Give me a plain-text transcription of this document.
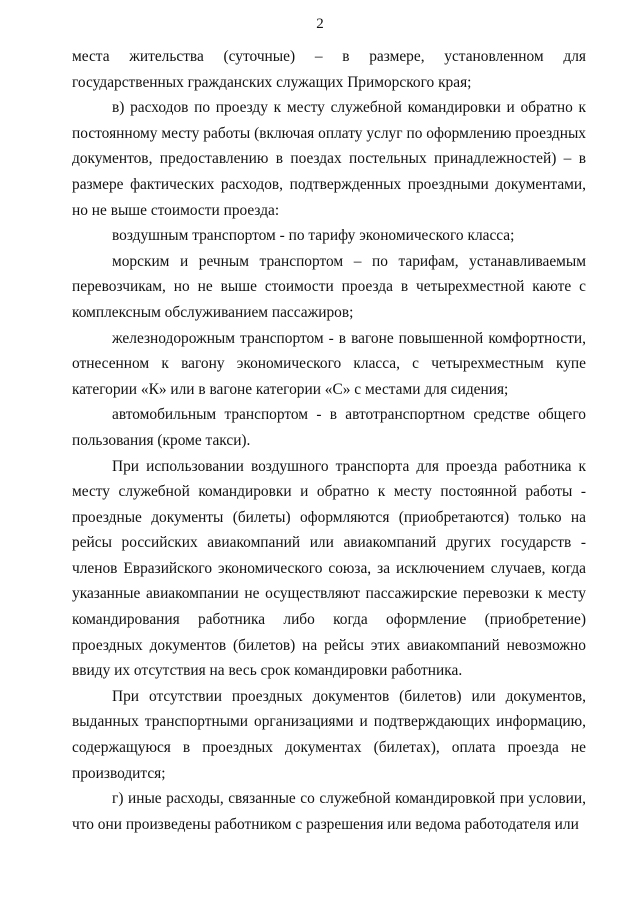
2

места жительства (суточные) – в размере, установленном для государственных гражданских служащих Приморского края;

в) расходов по проезду к месту служебной командировки и обратно к постоянному месту работы (включая оплату услуг по оформлению проездных документов, предоставлению в поездах постельных принадлежностей) – в размере фактических расходов, подтвержденных проездными документами, но не выше стоимости проезда:

воздушным транспортом - по тарифу экономического класса;

морским и речным транспортом – по тарифам, устанавливаемым перевозчикам, но не выше стоимости проезда в четырехместной каюте с комплексным обслуживанием пассажиров;

железнодорожным транспортом - в вагоне повышенной комфортности, отнесенном к вагону экономического класса, с четырехместным купе категории «К» или в вагоне категории «С» с местами для сидения;

автомобильным транспортом - в автотранспортном средстве общего пользования (кроме такси).

При использовании воздушного транспорта для проезда работника к месту служебной командировки и обратно к месту постоянной работы - проездные документы (билеты) оформляются (приобретаются) только на рейсы российских авиакомпаний или авиакомпаний других государств - членов Евразийского экономического союза, за исключением случаев, когда указанные авиакомпании не осуществляют пассажирские перевозки к месту командирования работника либо когда оформление (приобретение) проездных документов (билетов) на рейсы этих авиакомпаний невозможно ввиду их отсутствия на весь срок командировки работника.

При отсутствии проездных документов (билетов) или документов, выданных транспортными организациями и подтверждающих информацию, содержащуюся в проездных документах (билетах), оплата проезда не производится;

г) иные расходы, связанные со служебной командировкой при условии, что они произведены работником с разрешения или ведома работодателя или
